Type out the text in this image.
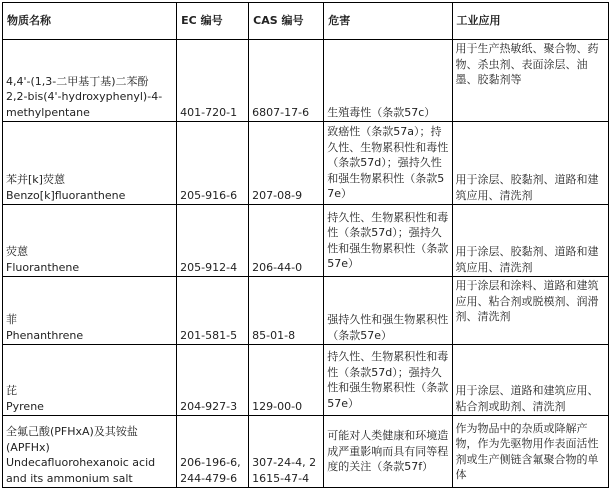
物质名称	EC 编号	CAS 编号	危害	工业应用

4,4'-(1,3-二甲基丁基)二苯酚
2,2-bis(4'-hydroxyphenyl)-4-
methylpentane	401-720-1	6807-17-6	生殖毒性（条款57c）	用于生产热敏纸、聚合物、药物、杀虫剂、表面涂层、油墨、胶黏剂等

苯并[k]荧蒽
Benzo[k]fluoranthene	205-916-6	207-08-9	致癌性（条款57a）；持久性、生物累积性和毒性（条款57d）；强持久性和强生物累积性（条款57e）	用于涂层、胶黏剂、道路和建筑应用、清洗剂

荧蒽
Fluoranthene	205-912-4	206-44-0	持久性、生物累积性和毒性（条款57d）；强持久性和强生物累积性（条款57e）	用于涂层、胶黏剂、道路和建筑应用、清洗剂

菲
Phenanthrene	201-581-5	85-01-8	强持久性和强生物累积性（条款57e）	用于涂层和涂料、道路和建筑应用、粘合剂或脱模剂、润滑剂、清洗剂

芘
Pyrene	204-927-3	129-00-0	持久性、生物累积性和毒性（条款57d）；强持久性和强生物累积性（条款57e）	用于涂层、道路和建筑应用、粘合剂或助剂、清洗剂

全氟己酸(PFHxA)及其铵盐
(APFHx)
Undecafluorohexanoic acid
and its ammonium salt	206-196-6, 244-479-6	307-24-4, 21615-47-4	可能对人类健康和环境造成严重影响而具有同等程度的关注（条款57f）	作为物品中的杂质或降解产物，作为先驱物用作表面活性剂或生产侧链含氟聚合物的单体
